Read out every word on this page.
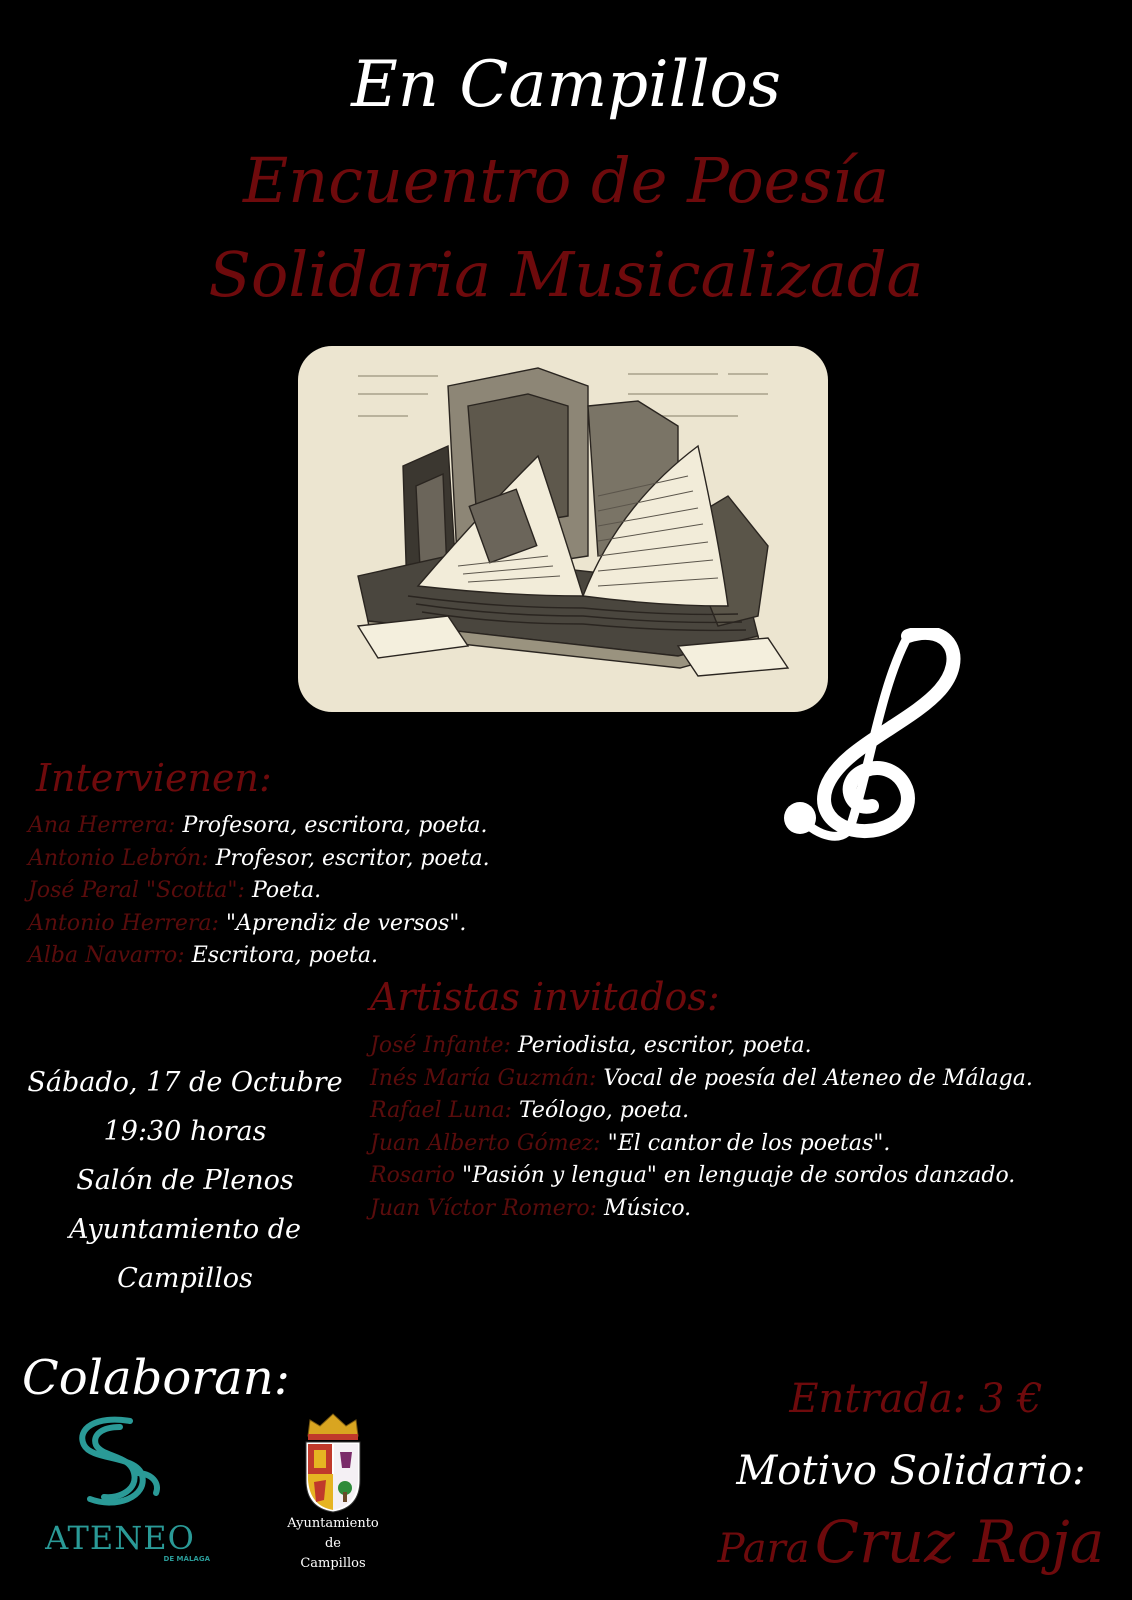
En Campillos
Encuentro de Poesía
Solidaria Musicalizada
Intervienen:
Ana Herrera: Profesora, escritora, poeta.
Antonio Lebrón: Profesor, escritor, poeta.
José Peral "Scotta": Poeta.
Antonio Herrera: "Aprendiz de versos".
Alba Navarro: Escritora, poeta.
Artistas invitados:
José Infante: Periodista, escritor, poeta.
Inés María Guzmán: Vocal de poesía del Ateneo de Málaga.
Rafael Luna: Teólogo, poeta.
Juan Alberto Gómez: "El cantor de los poetas".
Rosario "Pasión y lengua" en lenguaje de sordos danzado.
Juan Víctor Romero: Músico.
Sábado, 17 de Octubre
19:30 horas
Salón de Plenos
Ayuntamiento de
Campillos
Colaboran:
ATENEO
DE MÁLAGA
Ayuntamiento
de
Campillos
Entrada: 3 €
Motivo Solidario:
Para Cruz Roja
